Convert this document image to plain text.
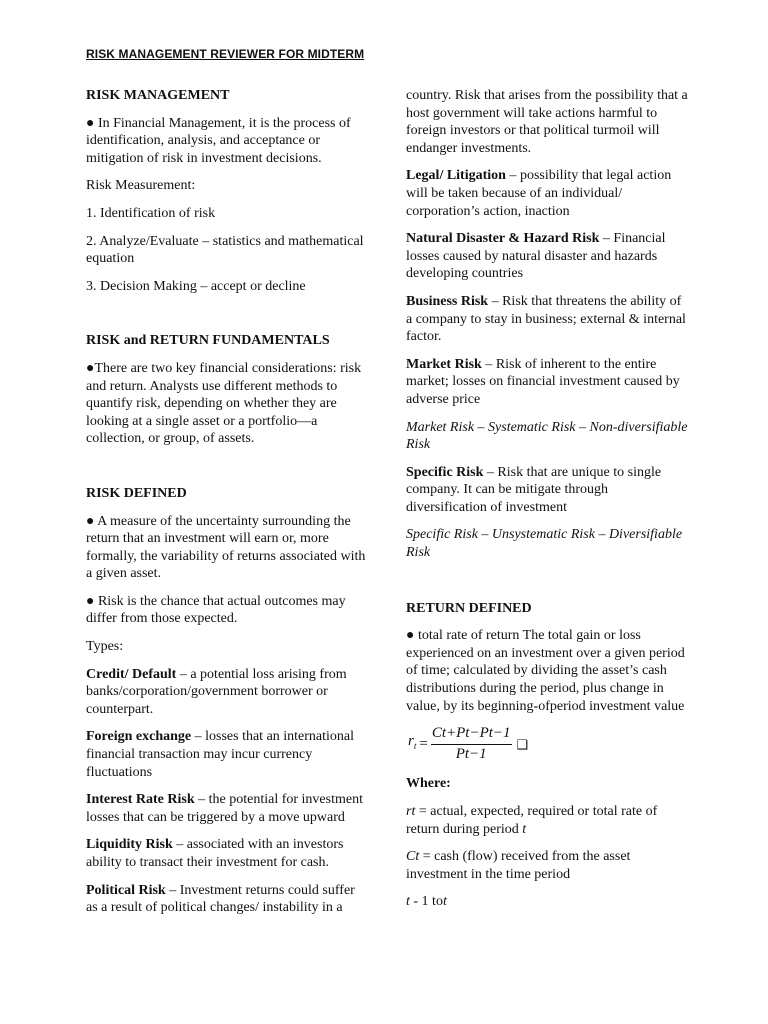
RISK MANAGEMENT REVIEWER FOR MIDTERM

RISK MANAGEMENT

● In Financial Management, it is the process of identification, analysis, and acceptance or mitigation of risk in investment decisions.

Risk Measurement:

1. Identification of risk

2. Analyze/Evaluate – statistics and mathematical equation

3. Decision Making – accept or decline

RISK and RETURN FUNDAMENTALS

●There are two key financial considerations: risk and return. Analysts use different methods to quantify risk, depending on whether they are looking at a single asset or a portfolio—a collection, or group, of assets.

RISK DEFINED

● A measure of the uncertainty surrounding the return that an investment will earn or, more formally, the variability of returns associated with a given asset.

● Risk is the chance that actual outcomes may differ from those expected.

Types:

Credit/ Default – a potential loss arising from banks/corporation/government borrower or counterpart.

Foreign exchange – losses that an international financial transaction may incur currency fluctuations

Interest Rate Risk – the potential for investment losses that can be triggered by a move upward

Liquidity Risk – associated with an investors ability to transact their investment for cash.

Political Risk – Investment returns could suffer as a result of political changes/ instability in a

country. Risk that arises from the possibility that a host government will take actions harmful to foreign investors or that political turmoil will endanger investments.

Legal/ Litigation – possibility that legal action will be taken because of an individual/ corporation’s action, inaction

Natural Disaster & Hazard Risk – Financial losses caused by natural disaster and hazards developing countries

Business Risk – Risk that threatens the ability of a company to stay in business; external & internal factor.

Market Risk – Risk of inherent to the entire market; losses on financial investment caused by adverse price

Market Risk – Systematic Risk – Non-diversifiable Risk

Specific Risk – Risk that are unique to single company. It can be mitigate through diversification of investment

Specific Risk – Unsystematic Risk – Diversifiable Risk

RETURN DEFINED

● total rate of return The total gain or loss experienced on an investment over a given period of time; calculated by dividing the asset’s cash distributions during the period, plus change in value, by its beginning-ofperiod investment value

$r_t = \frac{Ct+Pt-Pt-1}{Pt-1}$ ❑

Where:

rt = actual, expected, required or total rate of return during period t

Ct = cash (flow) received from the asset investment in the time period

t - 1 tot
